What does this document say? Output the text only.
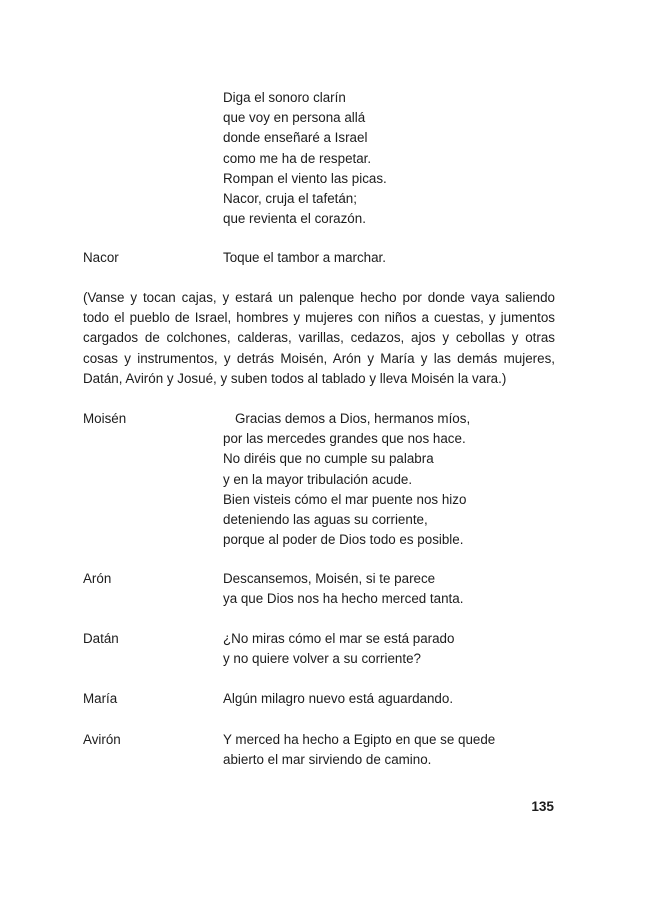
Diga el sonoro clarín
que voy en persona allá
donde enseñaré a Israel
como me ha de respetar.
Rompan el viento las picas.
Nacor, cruja el tafetán;
que revienta el corazón.
Nacor	Toque el tambor a marchar.
(Vanse y tocan cajas, y estará un palenque hecho por donde vaya saliendo todo el pueblo de Israel, hombres y mujeres con niños a cuestas, y jumentos cargados de colchones, calderas, varillas, cedazos, ajos y cebollas y otras cosas y instrumentos, y detrás Moisén, Arón y María y las demás mujeres, Datán, Avirón y Josué, y suben todos al tablado y lleva Moisén la vara.)
Moisén	Gracias demos a Dios, hermanos míos,
por las mercedes grandes que nos hace.
No diréis que no cumple su palabra
y en la mayor tribulación acude.
Bien visteis cómo el mar puente nos hizo
deteniendo las aguas su corriente,
porque al poder de Dios todo es posible.
Arón	Descansemos, Moisén, si te parece
ya que Dios nos ha hecho merced tanta.
Datán	¿No miras cómo el mar se está parado
y no quiere volver a su corriente?
María	Algún milagro nuevo está aguardando.
Avirón	Y merced ha hecho a Egipto en que se quede
abierto el mar sirviendo de camino.
135
